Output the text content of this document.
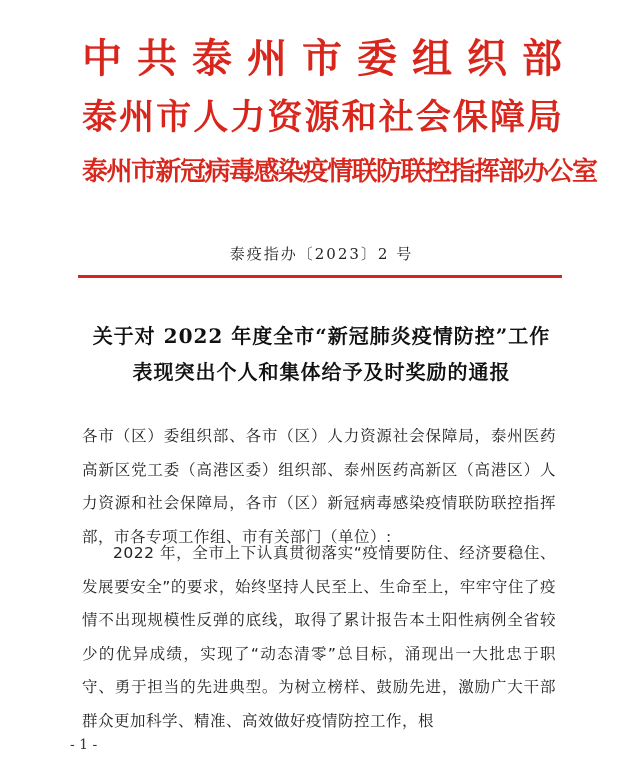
中共泰州市委组织部
泰州市人力资源和社会保障局
泰州市新冠病毒感染疫情联防联控指挥部办公室
泰疫指办〔2023〕2 号
关于对 2022 年度全市“新冠肺炎疫情防控”工作
表现突出个人和集体给予及时奖励的通报
各市（区）委组织部、各市（区）人力资源社会保障局，泰州医药高新区党工委（高港区委）组织部、泰州医药高新区（高港区）人力资源和社会保障局，各市（区）新冠病毒感染疫情联防联控指挥部，市各专项工作组、市有关部门（单位）:
2022 年，全市上下认真贯彻落实“疫情要防住、经济要稳住、发展要安全”的要求，始终坚持人民至上、生命至上，牢牢守住了疫情不出现规模性反弹的底线，取得了累计报告本土阳性病例全省较少的优异成绩，实现了“动态清零”总目标，涌现出一大批忠于职守、勇于担当的先进典型。为树立榜样、鼓励先进，激励广大干部群众更加科学、精准、高效做好疫情防控工作，根
- 1 -
